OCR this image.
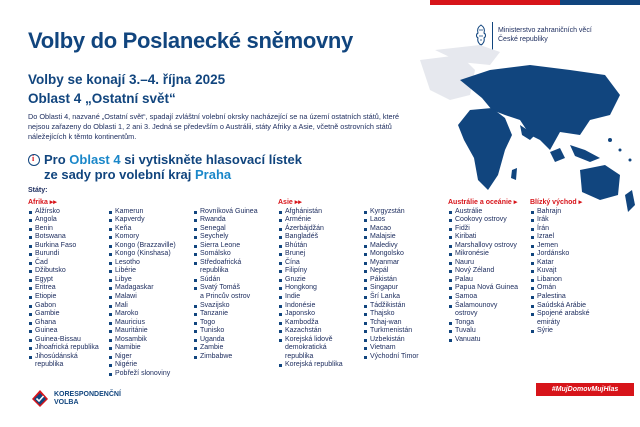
Ministerstvo zahraničních věcí
České republiky
Volby do Poslanecké sněmovny
Volby se konají 3.–4. října 2025
Oblast 4 „Ostatní svět“

Do Oblasti 4, nazvané „Ostatní svět“, spadají zvláštní volební okrsky nacházející se na území ostatních států, které nejsou zařazeny do Oblasti 1, 2 ani 3. Jedná se především o Austrálii, státy Afriky a Asie, včetně ostrovních států náležejících k těmto kontinentům.

i Pro Oblast 4 si vytiskněte hlasovací lístek
ze sady pro volební kraj Praha
Státy:
Afrika ▸▸
Alžírsko
Angola
Benin
Botswana
Burkina Faso
Burundi
Čad
Džibutsko
Egypt
Eritrea
Etiopie
Gabon
Gambie
Ghana
Guinea
Guinea-Bissau
Jihoafrická republika
Jihosúdánská
republika
Kamerun
Kapverdy
Keňa
Komory
Kongo (Brazzaville)
Kongo (Kinshasa)
Lesotho
Libérie
Libye
Madagaskar
Malawi
Mali
Maroko
Mauricius
Mauritánie
Mosambik
Namibie
Niger
Nigérie
Pobřeží slonoviny
Rovníková Guinea
Rwanda
Senegal
Seychely
Sierra Leone
Somálsko
Středoafrická
republika
Súdán
Svatý Tomáš
a Princův ostrov
Svazijsko
Tanzanie
Togo
Tunisko
Uganda
Zambie
Zimbabwe
Asie ▸▸
Afghánistán
Arménie
Ázerbájdžán
Bangladéš
Bhútán
Brunej
Čína
Filipíny
Gruzie
Hongkong
Indie
Indonésie
Japonsko
Kambodža
Kazachstán
Korejská lidově
demokratická
republika
Korejská republika
Kyrgyzstán
Laos
Macao
Malajsie
Maledivy
Mongolsko
Myanmar
Nepál
Pákistán
Singapur
Šrí Lanka
Tádžikistán
Thajsko
Tchaj-wan
Turkmenistán
Uzbekistán
Vietnam
Východní Timor
Austrálie a oceánie ▸
Austrálie
Cookovy ostrovy
Fidži
Kiribati
Marshallovy ostrovy
Mikronésie
Nauru
Nový Zéland
Palau
Papua Nová Guinea
Samoa
Šalamounovy
ostrovy
Tonga
Tuvalu
Vanuatu
Blízký východ ▸
Bahrajn
Irák
Írán
Izrael
Jemen
Jordánsko
Katar
Kuvajt
Libanon
Omán
Palestina
Saúdská Arábie
Spojené arabské
emiráty
Sýrie
KORESPONDENČNÍ
VOLBA
#MujDomovMujHlas
